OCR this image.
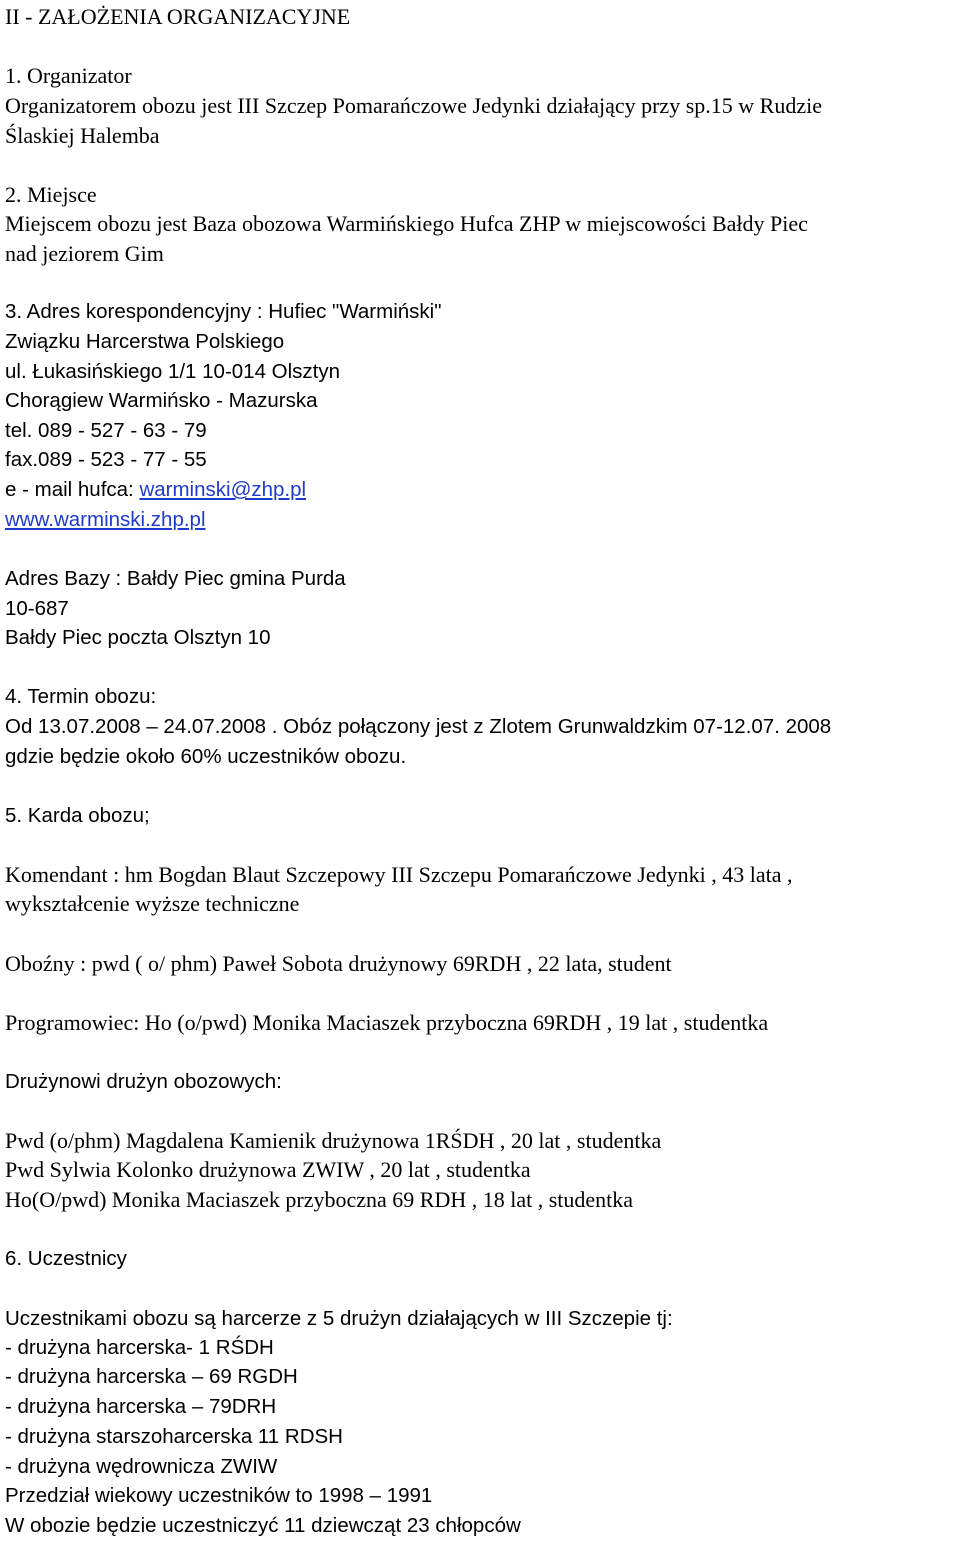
II - ZAŁOŻENIA ORGANIZACYJNE
1. Organizator
Organizatorem obozu jest III Szczep Pomarańczowe Jedynki działający przy sp.15 w Rudzie
Ślaskiej Halemba
2. Miejsce
Miejscem obozu jest Baza obozowa Warmińskiego Hufca ZHP w miejscowości Bałdy Piec
nad jeziorem Gim
3. Adres korespondencyjny : Hufiec "Warmiński"
Związku Harcerstwa Polskiego
ul. Łukasińskiego 1/1 10-014 Olsztyn
Chorągiew Warmińsko - Mazurska
tel. 089 - 527 - 63 - 79
fax.089 - 523 - 77 - 55
e - mail hufca: warminski@zhp.pl
www.warminski.zhp.pl
Adres Bazy : Bałdy Piec gmina Purda
10-687
Bałdy Piec poczta Olsztyn 10
4. Termin obozu:
Od 13.07.2008 – 24.07.2008 . Obóz połączony jest z Zlotem Grunwaldzkim 07-12.07. 2008
gdzie będzie około 60% uczestników obozu.
5. Karda obozu;
Komendant : hm Bogdan Blaut Szczepowy III Szczepu Pomarańczowe Jedynki , 43 lata ,
wykształcenie wyższe techniczne
Oboźny : pwd ( o/ phm) Paweł Sobota drużynowy 69RDH , 22 lata, student
Programowiec: Ho (o/pwd) Monika Maciaszek przyboczna 69RDH , 19 lat , studentka
Drużynowi drużyn obozowych:
Pwd (o/phm) Magdalena Kamienik drużynowa 1RŚDH , 20 lat , studentka
Pwd Sylwia Kolonko drużynowa ZWIW , 20 lat , studentka
Ho(O/pwd) Monika Maciaszek przyboczna 69 RDH , 18 lat , studentka
6. Uczestnicy
Uczestnikami obozu są harcerze z 5 drużyn działających w III Szczepie tj:
- drużyna harcerska- 1 RŚDH
- drużyna harcerska – 69 RGDH
- drużyna harcerska – 79DRH
- drużyna starszoharcerska 11 RDSH
- drużyna wędrownicza ZWIW
Przedział wiekowy uczestników to 1998 – 1991
W obozie będzie uczestniczyć 11 dziewcząt 23 chłopców
